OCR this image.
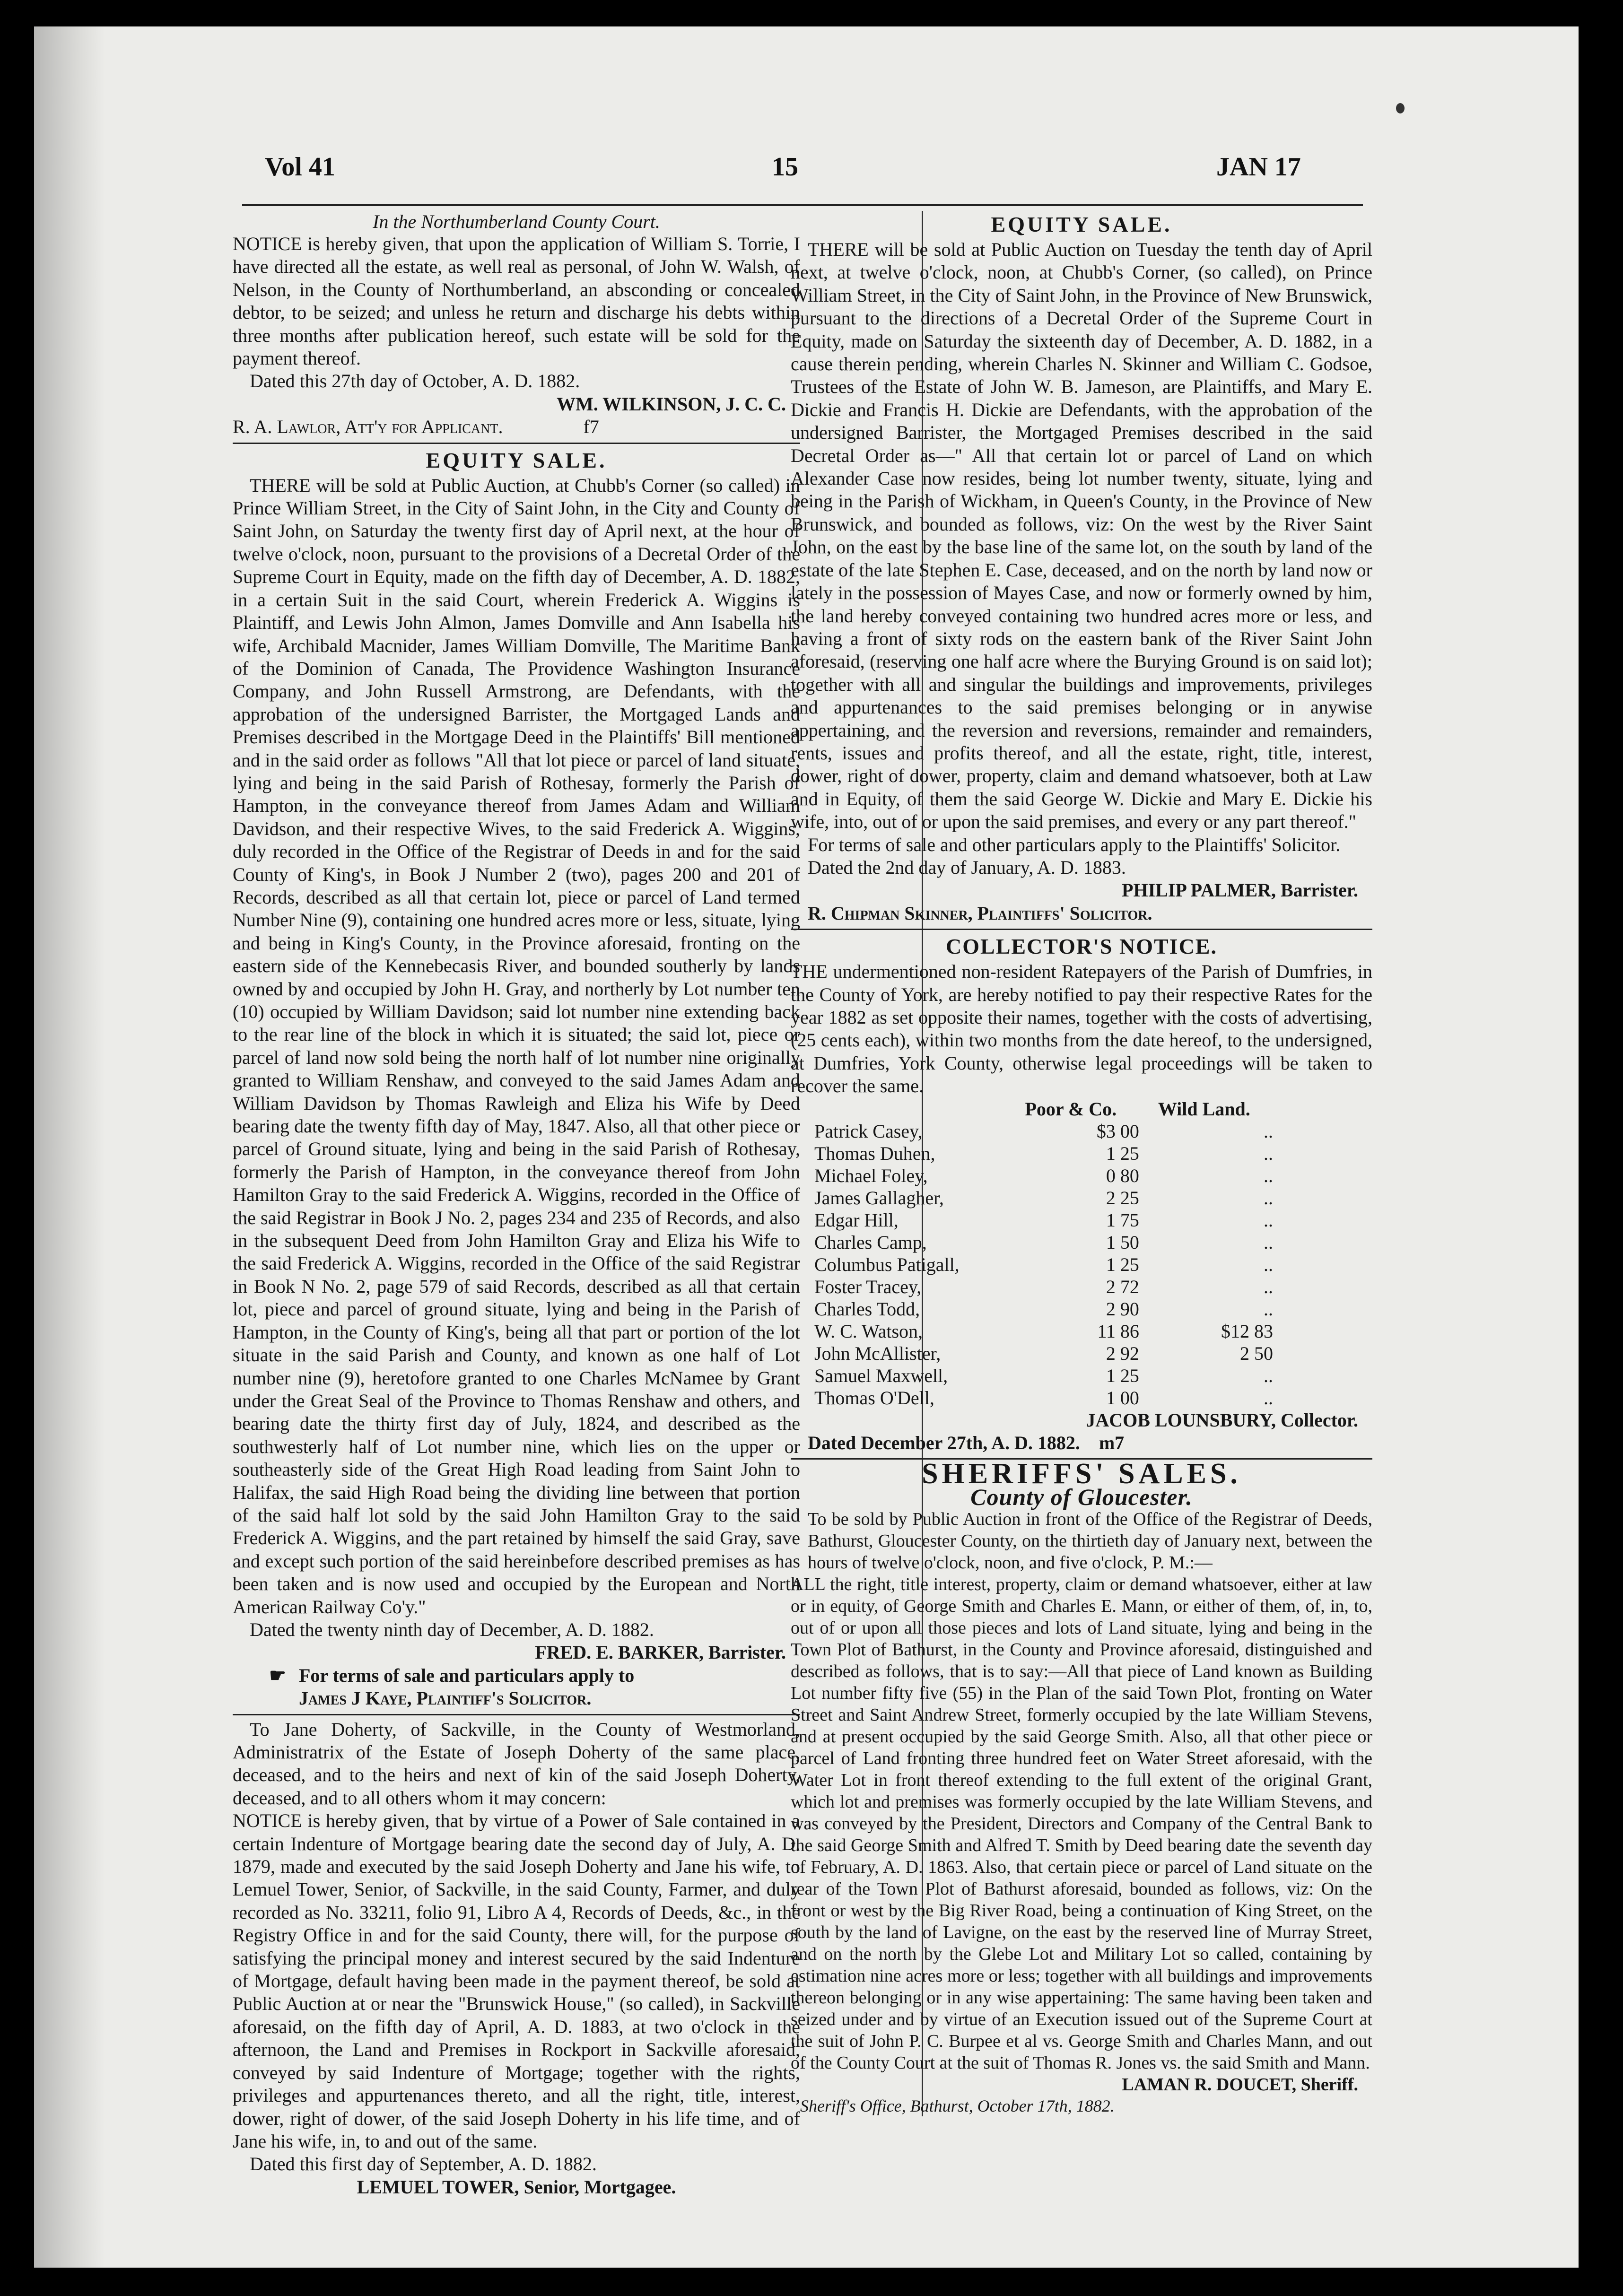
Vol 41	15	JAN 17

In the Northumberland County Court.

NOTICE is hereby given, that upon the application of William S. Torrie, I have directed all the estate, as well real as personal, of John W. Walsh, of Nelson, in the County of Northumberland, an absconding or concealed debtor, to be seized; and unless he return and discharge his debts within three months after publication hereof, such estate will be sold for the payment thereof.

Dated this 27th day of October, A. D. 1882.

WM. WILKINSON, J. C. C.

R. A. Lawlor, Att'y for Applicant.	f7

EQUITY SALE.

THERE will be sold at Public Auction, at Chubb's Corner (so called) in Prince William Street, in the City of Saint John, in the City and County of Saint John, on Saturday the twenty first day of April next, at the hour of twelve o'clock, noon, pursuant to the provisions of a Decretal Order of the Supreme Court in Equity, made on the fifth day of December, A. D. 1882, in a certain Suit in the said Court, wherein Frederick A. Wiggins is Plaintiff, and Lewis John Almon, James Domville and Ann Isabella his wife, Archibald Macnider, James William Domville, The Maritime Bank of the Dominion of Canada, The Providence Washington Insurance Company, and John Russell Armstrong, are Defendants, with the approbation of the undersigned Barrister, the Mortgaged Lands and Premises described in the Mortgage Deed in the Plaintiffs' Bill mentioned and in the said order as follows "All that lot piece or parcel of land situate, lying and being in the said Parish of Rothesay, formerly the Parish of Hampton, in the conveyance thereof from James Adam and William Davidson, and their respective Wives, to the said Frederick A. Wiggins, duly recorded in the Office of the Registrar of Deeds in and for the said County of King's, in Book J Number 2 (two), pages 200 and 201 of Records, described as all that certain lot, piece or parcel of Land termed Number Nine (9), containing one hundred acres more or less, situate, lying and being in King's County, in the Province aforesaid, fronting on the eastern side of the Kennebecasis River, and bounded southerly by lands owned by and occupied by John H. Gray, and northerly by Lot number ten (10) occupied by William Davidson; said lot number nine extending back to the rear line of the block in which it is situated; the said lot, piece or parcel of land now sold being the north half of lot number nine originally granted to William Renshaw, and conveyed to the said James Adam and William Davidson by Thomas Rawleigh and Eliza his Wife by Deed bearing date the twenty fifth day of May, 1847. Also, all that other piece or parcel of Ground situate, lying and being in the said Parish of Rothesay, formerly the Parish of Hampton, in the conveyance thereof from John Hamilton Gray to the said Frederick A. Wiggins, recorded in the Office of the said Registrar in Book J No. 2, pages 234 and 235 of Records, and also in the subsequent Deed from John Hamilton Gray and Eliza his Wife to the said Frederick A. Wiggins, recorded in the Office of the said Registrar in Book N No. 2, page 579 of said Records, described as all that certain lot, piece and parcel of ground situate, lying and being in the Parish of Hampton, in the County of King's, being all that part or portion of the lot situate in the said Parish and County, and known as one half of Lot number nine (9), heretofore granted to one Charles McNamee by Grant under the Great Seal of the Province to Thomas Renshaw and others, and bearing date the thirty first day of July, 1824, and described as the southwesterly half of Lot number nine, which lies on the upper or southeasterly side of the Great High Road leading from Saint John to Halifax, the said High Road being the dividing line between that portion of the said half lot sold by the said John Hamilton Gray to the said Frederick A. Wiggins, and the part retained by himself the said Gray, save and except such portion of the said hereinbefore described premises as has been taken and is now used and occupied by the European and North American Railway Co'y."

Dated the twenty ninth day of December, A. D. 1882.

FRED. E. BARKER, Barrister.

☛ For terms of sale and particulars apply to

James J Kaye, Plaintiff's Solicitor.

To Jane Doherty, of Sackville, in the County of Westmorland, Administratrix of the Estate of Joseph Doherty of the same place, deceased, and to the heirs and next of kin of the said Joseph Doherty, deceased, and to all others whom it may concern:

NOTICE is hereby given, that by virtue of a Power of Sale contained in a certain Indenture of Mortgage bearing date the second day of July, A. D. 1879, made and executed by the said Joseph Doherty and Jane his wife, to Lemuel Tower, Senior, of Sackville, in the said County, Farmer, and duly recorded as No. 33211, folio 91, Libro A 4, Records of Deeds, &c., in the Registry Office in and for the said County, there will, for the purpose of satisfying the principal money and interest secured by the said Indenture of Mortgage, default having been made in the payment thereof, be sold at Public Auction at or near the "Brunswick House," (so called), in Sackville aforesaid, on the fifth day of April, A. D. 1883, at two o'clock in the afternoon, the Land and Premises in Rockport in Sackville aforesaid, conveyed by said Indenture of Mortgage; together with the rights, privileges and appurtenances thereto, and all the right, title, interest, dower, right of dower, of the said Joseph Doherty in his life time, and of Jane his wife, in, to and out of the same.

Dated this first day of September, A. D. 1882.

LEMUEL TOWER, Senior, Mortgagee.

EQUITY SALE.

THERE will be sold at Public Auction on Tuesday the tenth day of April next, at twelve o'clock, noon, at Chubb's Corner, (so called), on Prince William Street, in the City of Saint John, in the Province of New Brunswick, pursuant to the directions of a Decretal Order of the Supreme Court in Equity, made on Saturday the sixteenth day of December, A. D. 1882, in a cause therein pending, wherein Charles N. Skinner and William C. Godsoe, Trustees of the Estate of John W. B. Jameson, are Plaintiffs, and Mary E. Dickie and Francis H. Dickie are Defendants, with the approbation of the undersigned Barrister, the Mortgaged Premises described in the said Decretal Order as—" All that certain lot or parcel of Land on which Alexander Case now resides, being lot number twenty, situate, lying and being in the Parish of Wickham, in Queen's County, in the Province of New Brunswick, and bounded as follows, viz: On the west by the River Saint John, on the east by the base line of the same lot, on the south by land of the estate of the late Stephen E. Case, deceased, and on the north by land now or lately in the possession of Mayes Case, and now or formerly owned by him, the land hereby conveyed containing two hundred acres more or less, and having a front of sixty rods on the eastern bank of the River Saint John aforesaid, (reserving one half acre where the Burying Ground is on said lot); together with all and singular the buildings and improvements, privileges and appurtenances to the said premises belonging or in anywise appertaining, and the reversion and reversions, remainder and remainders, rents, issues and profits thereof, and all the estate, right, title, interest, dower, right of dower, property, claim and demand whatsoever, both at Law and in Equity, of them the said George W. Dickie and Mary E. Dickie his wife, into, out of or upon the said premises, and every or any part thereof."

For terms of sale and other particulars apply to the Plaintiffs' Solicitor.

Dated the 2nd day of January, A. D. 1883.

PHILIP PALMER, Barrister.

R. Chipman Skinner, Plaintiffs' Solicitor.

COLLECTOR'S NOTICE.

THE undermentioned non-resident Ratepayers of the Parish of Dumfries, in the County of York, are hereby notified to pay their respective Rates for the year 1882 as set opposite their names, together with the costs of advertising, (25 cents each), within two months from the date hereof, to the undersigned, at Dumfries, York County, otherwise legal proceedings will be taken to recover the same.

	Poor & Co.	Wild Land.
Patrick Casey,	$3 00	..
Thomas Duhen,	1 25	..
Michael Foley,	0 80	..
James Gallagher,	2 25	..
Edgar Hill,	1 75	..
Charles Camp,	1 50	..
Columbus Patigall,	1 25	..
Foster Tracey,	2 72	..
Charles Todd,	2 90	..
W. C. Watson,	11 86	$12 83
John McAllister,	2 92	2 50
Samuel Maxwell,	1 25	..
Thomas O'Dell,	1 00	..

JACOB LOUNSBURY, Collector.

Dated December 27th, A. D. 1882. m7

SHERIFFS' SALES.

County of Gloucester.

To be sold by Public Auction in front of the Office of the Registrar of Deeds, Bathurst, Gloucester County, on the thirtieth day of January next, between the hours of twelve o'clock, noon, and five o'clock, P. M.:—

ALL the right, title interest, property, claim or demand whatsoever, either at law or in equity, of George Smith and Charles E. Mann, or either of them, of, in, to, out of or upon all those pieces and lots of Land situate, lying and being in the Town Plot of Bathurst, in the County and Province aforesaid, distinguished and described as follows, that is to say:—All that piece of Land known as Building Lot number fifty five (55) in the Plan of the said Town Plot, fronting on Water Street and Saint Andrew Street, formerly occupied by the late William Stevens, and at present occupied by the said George Smith. Also, all that other piece or parcel of Land fronting three hundred feet on Water Street aforesaid, with the Water Lot in front thereof extending to the full extent of the original Grant, which lot and premises was formerly occupied by the late William Stevens, and was conveyed by the President, Directors and Company of the Central Bank to the said George Smith and Alfred T. Smith by Deed bearing date the seventh day of February, A. D. 1863. Also, that certain piece or parcel of Land situate on the rear of the Town Plot of Bathurst aforesaid, bounded as follows, viz: On the front or west by the Big River Road, being a continuation of King Street, on the south by the land of Lavigne, on the east by the reserved line of Murray Street, and on the north by the Glebe Lot and Military Lot so called, containing by estimation nine acres more or less; together with all buildings and improvements thereon belonging or in any wise appertaining: The same having been taken and seized under and by virtue of an Execution issued out of the Supreme Court at the suit of John P. C. Burpee et al vs. George Smith and Charles Mann, and out of the County Court at the suit of Thomas R. Jones vs. the said Smith and Mann.

LAMAN R. DOUCET, Sheriff.

Sheriff's Office, Bathurst, October 17th, 1882.
